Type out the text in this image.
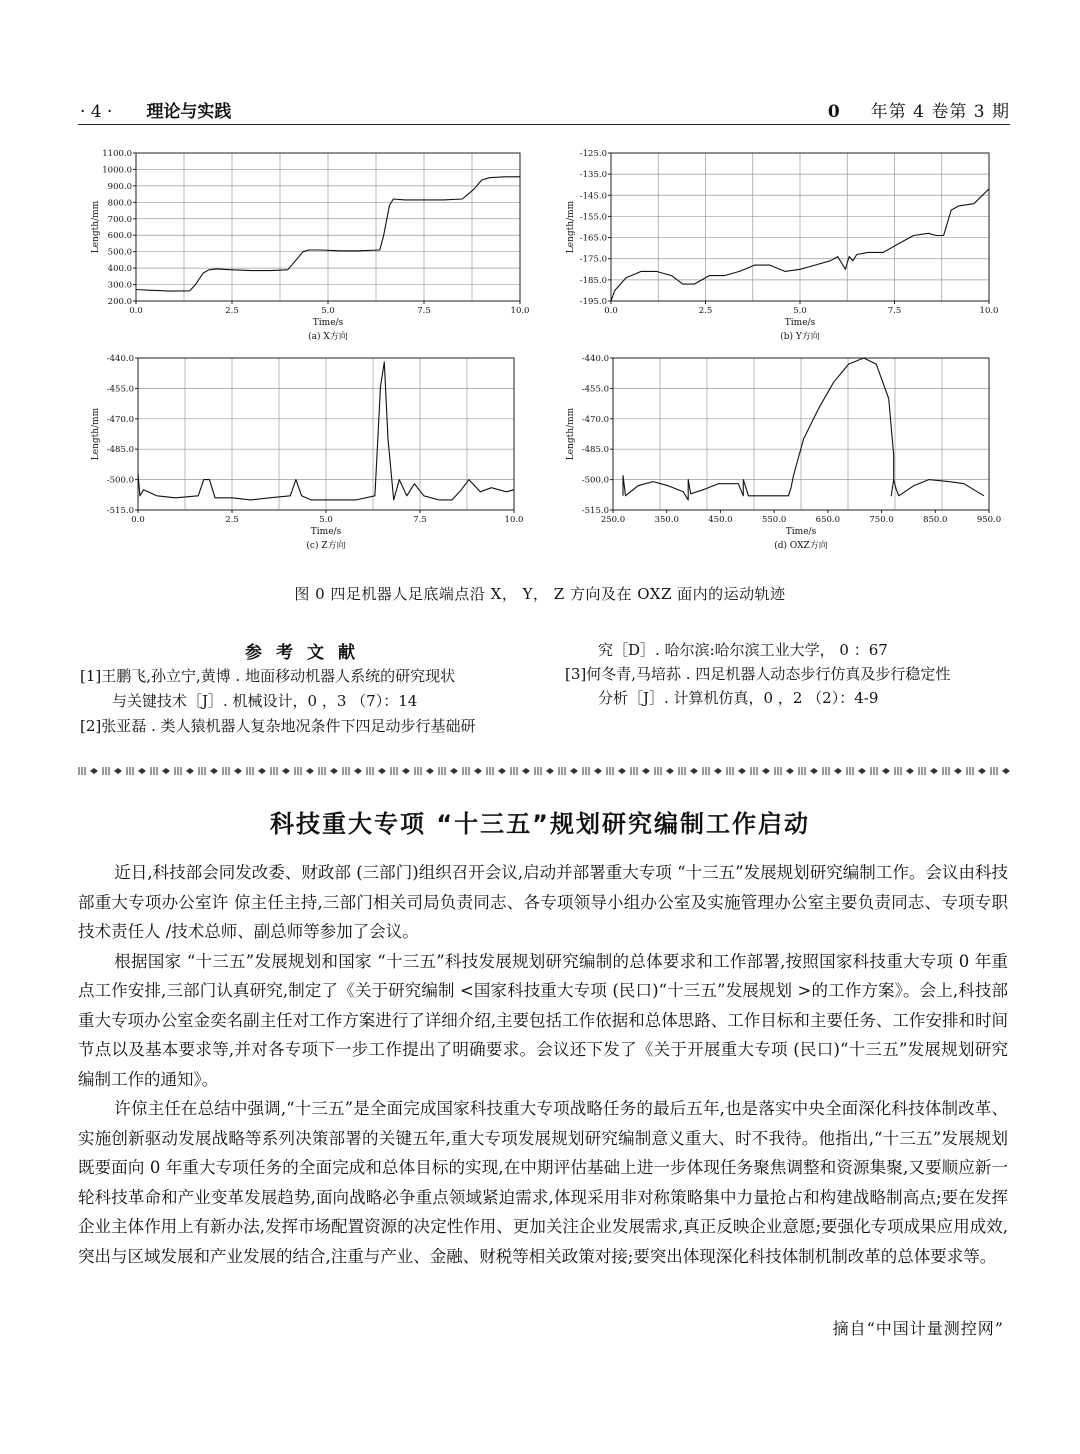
· 4 · 理论与实践	0 年第 4 卷第 3 期
1100.0
1000.0
900.0
800.0
700.0
600.0
500.0
400.0
300.0
200.0
0.0	2.5	5.0	7.5	10.0
Time/s
Length/mm
(a) X方向
-125.0
-135.0
-145.0
-155.0
-165.0
-175.0
-185.0
-195.0
0.0	2.5	5.0	7.5	10.0
Time/s
Length/mm
(b) Y方向
-440.0
-455.0
-470.0
-485.0
-500.0
-515.0
0.0	2.5	5.0	7.5	10.0
Time/s
Length/mm
(c) Z方向
-440.0
-455.0
-470.0
-485.0
-500.0
-515.0
250.0	350.0	450.0	550.0	650.0	750.0	850.0	950.0
Time/s
Length/mm
(d) OXZ方向
图 0 四足机器人足底端点沿 X， Y， Z 方向及在 OXZ 面内的运动轨迹
参考文献
[1]王鹏飞,孙立宁,黄博 . 地面移动机器人系统的研究现状
与关键技术［J］. 机械设计，0 ，3 （7）：14
[2]张亚磊 . 类人猿机器人复杂地况条件下四足动步行基础研
究［D］. 哈尔滨:哈尔滨工业大学， 0 ：67
[3]何冬青,马培荪 . 四足机器人动态步行仿真及步行稳定性
分析［J］. 计算机仿真，0 ，2 （2）：4-9
科技重大专项 “十三五”规划研究编制工作启动

近日,科技部会同发改委、财政部 (三部门)组织召开会议,启动并部署重大专项 “十三五”发展规划研究编制工作。会议由科技部重大专项办公室许 倞主任主持,三部门相关司局负责同志、各专项领导小组办公室及实施管理办公室主要负责同志、专项专职技术责任人 /技术总师、副总师等参加了会议。

根据国家 “十三五”发展规划和国家 “十三五”科技发展规划研究编制的总体要求和工作部署,按照国家科技重大专项 0 年重点工作安排,三部门认真研究,制定了《关于研究编制 <国家科技重大专项 (民口)“十三五”发展规划 >的工作方案》。会上,科技部重大专项办公室金奕名副主任对工作方案进行了详细介绍,主要包括工作依据和总体思路、工作目标和主要任务、工作安排和时间节点以及基本要求等,并对各专项下一步工作提出了明确要求。会议还下发了《关于开展重大专项 (民口)“十三五”发展规划研究编制工作的通知》。

许倞主任在总结中强调,“十三五”是全面完成国家科技重大专项战略任务的最后五年,也是落实中央全面深化科技体制改革、实施创新驱动发展战略等系列决策部署的关键五年,重大专项发展规划研究编制意义重大、时不我待。他指出,“十三五”发展规划既要面向 0 年重大专项任务的全面完成和总体目标的实现,在中期评估基础上进一步体现任务聚焦调整和资源集聚,又要顺应新一轮科技革命和产业变革发展趋势,面向战略必争重点领域紧迫需求,体现采用非对称策略集中力量抢占和构建战略制高点;要在发挥企业主体作用上有新办法,发挥市场配置资源的决定性作用、更加关注企业发展需求,真正反映企业意愿;要强化专项成果应用成效,突出与区域发展和产业发展的结合,注重与产业、金融、财税等相关政策对接;要突出体现深化科技体制机制改革的总体要求等。

摘自“中国计量测控网”
